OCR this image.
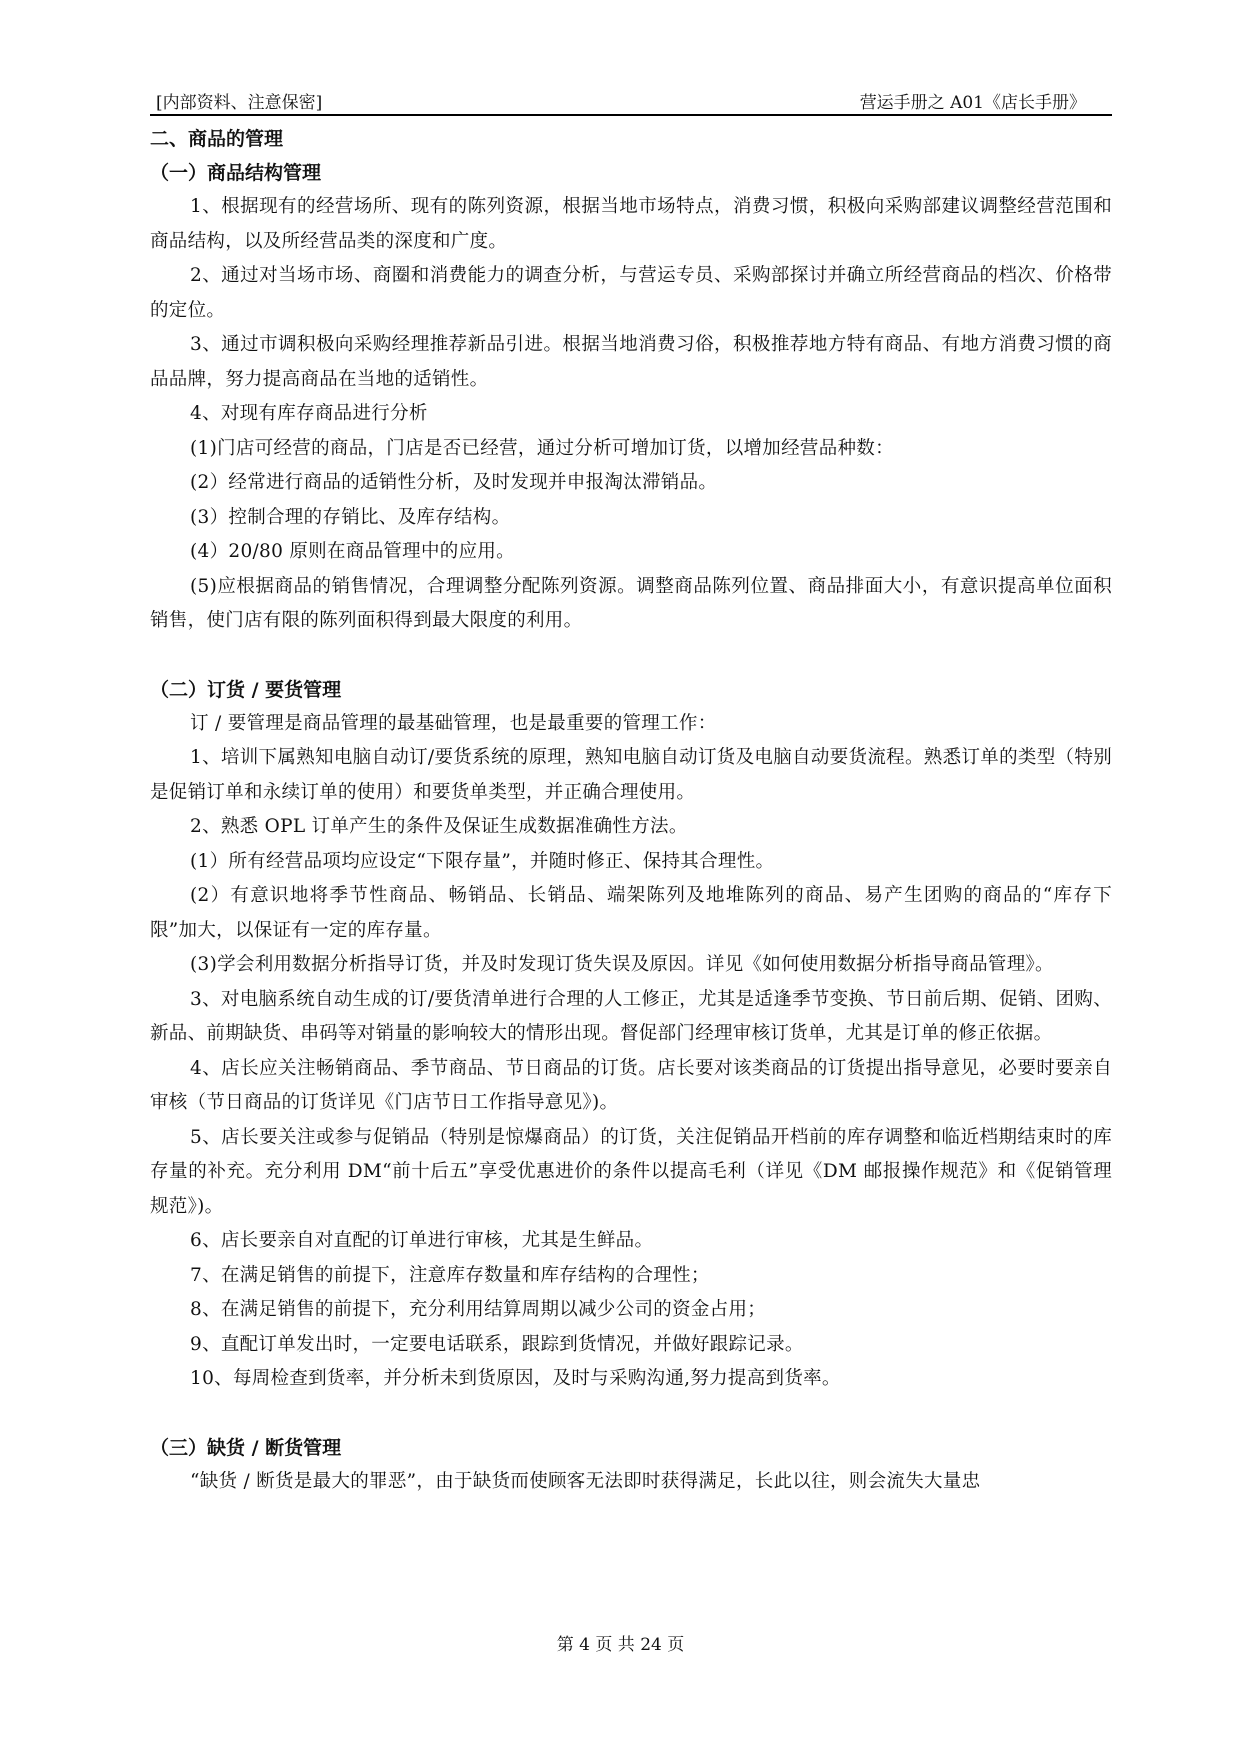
[内部资料、注意保密]	营运手册之 A01《店长手册》
二、商品的管理
（一）商品结构管理
1、根据现有的经营场所、现有的陈列资源，根据当地市场特点，消费习惯，积极向采购部建议调整经营范围和商品结构，以及所经营品类的深度和广度。
2、通过对当场市场、商圈和消费能力的调查分析，与营运专员、采购部探讨并确立所经营商品的档次、价格带的定位。
3、通过市调积极向采购经理推荐新品引进。根据当地消费习俗，积极推荐地方特有商品、有地方消费习惯的商品品牌，努力提高商品在当地的适销性。
4、对现有库存商品进行分析
(1)门店可经营的商品，门店是否已经营，通过分析可增加订货，以增加经营品种数：
(2）经常进行商品的适销性分析，及时发现并申报淘汰滞销品。
(3）控制合理的存销比、及库存结构。
(4）20/80 原则在商品管理中的应用。
(5)应根据商品的销售情况，合理调整分配陈列资源。调整商品陈列位置、商品排面大小，有意识提高单位面积销售，使门店有限的陈列面积得到最大限度的利用。
（二）订货 / 要货管理
订 / 要管理是商品管理的最基础管理，也是最重要的管理工作：
1、培训下属熟知电脑自动订/要货系统的原理，熟知电脑自动订货及电脑自动要货流程。熟悉订单的类型（特别是促销订单和永续订单的使用）和要货单类型，并正确合理使用。
2、熟悉 OPL 订单产生的条件及保证生成数据准确性方法。
(1）所有经营品项均应设定“下限存量”，并随时修正、保持其合理性。
(2）有意识地将季节性商品、畅销品、长销品、端架陈列及地堆陈列的商品、易产生团购的商品的“库存下限”加大，以保证有一定的库存量。
(3)学会利用数据分析指导订货，并及时发现订货失误及原因。详见《如何使用数据分析指导商品管理》。
3、对电脑系统自动生成的订/要货清单进行合理的人工修正，尤其是适逢季节变换、节日前后期、促销、团购、新品、前期缺货、串码等对销量的影响较大的情形出现。督促部门经理审核订货单，尤其是订单的修正依据。
4、店长应关注畅销商品、季节商品、节日商品的订货。店长要对该类商品的订货提出指导意见，必要时要亲自审核（节日商品的订货详见《门店节日工作指导意见》)。
5、店长要关注或参与促销品（特别是惊爆商品）的订货，关注促销品开档前的库存调整和临近档期结束时的库存量的补充。充分利用 DM“前十后五”享受优惠进价的条件以提高毛利（详见《DM 邮报操作规范》和《促销管理规范》)。
6、店长要亲自对直配的订单进行审核，尤其是生鲜品。
7、在满足销售的前提下，注意库存数量和库存结构的合理性；
8、在满足销售的前提下，充分利用结算周期以减少公司的资金占用；
9、直配订单发出时，一定要电话联系，跟踪到货情况，并做好跟踪记录。
10、每周检查到货率，并分析未到货原因，及时与采购沟通,努力提高到货率。
（三）缺货 / 断货管理
“缺货 / 断货是最大的罪恶”，由于缺货而使顾客无法即时获得满足，长此以往，则会流失大量忠
第 4 页 共 24 页
